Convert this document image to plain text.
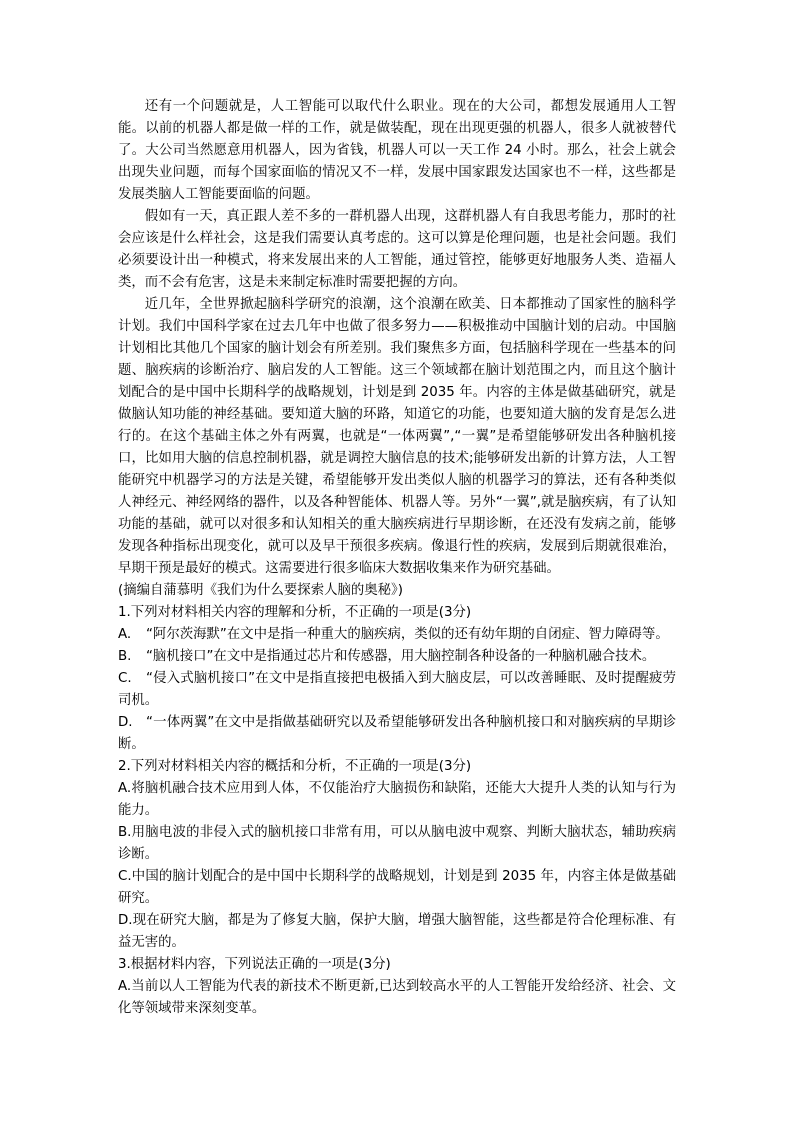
还有一个问题就是，人工智能可以取代什么职业。现在的大公司，都想发展通用人工智能。以前的机器人都是做一样的工作，就是做装配，现在出现更强的机器人，很多人就被替代了。大公司当然愿意用机器人，因为省钱，机器人可以一天工作 24 小时。那么，社会上就会出现失业问题，而每个国家面临的情况又不一样，发展中国家跟发达国家也不一样，这些都是发展类脑人工智能要面临的问题。

假如有一天，真正跟人差不多的一群机器人出现，这群机器人有自我思考能力，那时的社会应该是什么样社会，这是我们需要认真考虑的。这可以算是伦理问题，也是社会问题。我们必须要设计出一种模式，将来发展出来的人工智能，通过管控，能够更好地服务人类、造福人类，而不会有危害，这是未来制定标准时需要把握的方向。

近几年，全世界掀起脑科学研究的浪潮，这个浪潮在欧美、日本都推动了国家性的脑科学计划。我们中国科学家在过去几年中也做了很多努力——积极推动中国脑计划的启动。中国脑计划相比其他几个国家的脑计划会有所差别。我们聚焦多方面，包括脑科学现在一些基本的问题、脑疾病的诊断治疗、脑启发的人工智能。这三个领域都在脑计划范围之内，而且这个脑计划配合的是中国中长期科学的战略规划，计划是到 2035 年。内容的主体是做基础研究，就是做脑认知功能的神经基础。要知道大脑的环路，知道它的功能，也要知道大脑的发育是怎么进行的。在这个基础主体之外有两翼，也就是“一体两翼”,“一翼”是希望能够研发出各种脑机接口，比如用大脑的信息控制机器，就是调控大脑信息的技术;能够研发出新的计算方法，人工智能研究中机器学习的方法是关键，希望能够开发出类似人脑的机器学习的算法，还有各种类似人神经元、神经网络的器件，以及各种智能体、机器人等。另外“一翼”,就是脑疾病，有了认知功能的基础，就可以对很多和认知相关的重大脑疾病进行早期诊断，在还没有发病之前，能够发现各种指标出现变化，就可以及早干预很多疾病。像退行性的疾病，发展到后期就很难治，早期干预是最好的模式。这需要进行很多临床大数据收集来作为研究基础。

(摘编自蒲慕明《我们为什么要探索人脑的奥秘》)

1.下列对材料相关内容的理解和分析，不正确的一项是(3分)

A. “阿尔茨海默”在文中是指一种重大的脑疾病，类似的还有幼年期的自闭症、智力障碍等。

B. “脑机接口”在文中是指通过芯片和传感器，用大脑控制各种设备的一种脑机融合技术。

C. “侵入式脑机接口”在文中是指直接把电极插入到大脑皮层，可以改善睡眠、及时提醒疲劳司机。

D. “一体两翼”在文中是指做基础研究以及希望能够研发出各种脑机接口和对脑疾病的早期诊断。

2.下列对材料相关内容的概括和分析，不正确的一项是(3分)

A.将脑机融合技术应用到人体，不仅能治疗大脑损伤和缺陷，还能大大提升人类的认知与行为能力。

B.用脑电波的非侵入式的脑机接口非常有用，可以从脑电波中观察、判断大脑状态，辅助疾病诊断。

C.中国的脑计划配合的是中国中长期科学的战略规划，计划是到 2035 年，内容主体是做基础研究。

D.现在研究大脑，都是为了修复大脑，保护大脑，增强大脑智能，这些都是符合伦理标准、有益无害的。

3.根据材料内容，下列说法正确的一项是(3分)

A.当前以人工智能为代表的新技术不断更新,已达到较高水平的人工智能开发给经济、社会、文化等领域带来深刻变革。
